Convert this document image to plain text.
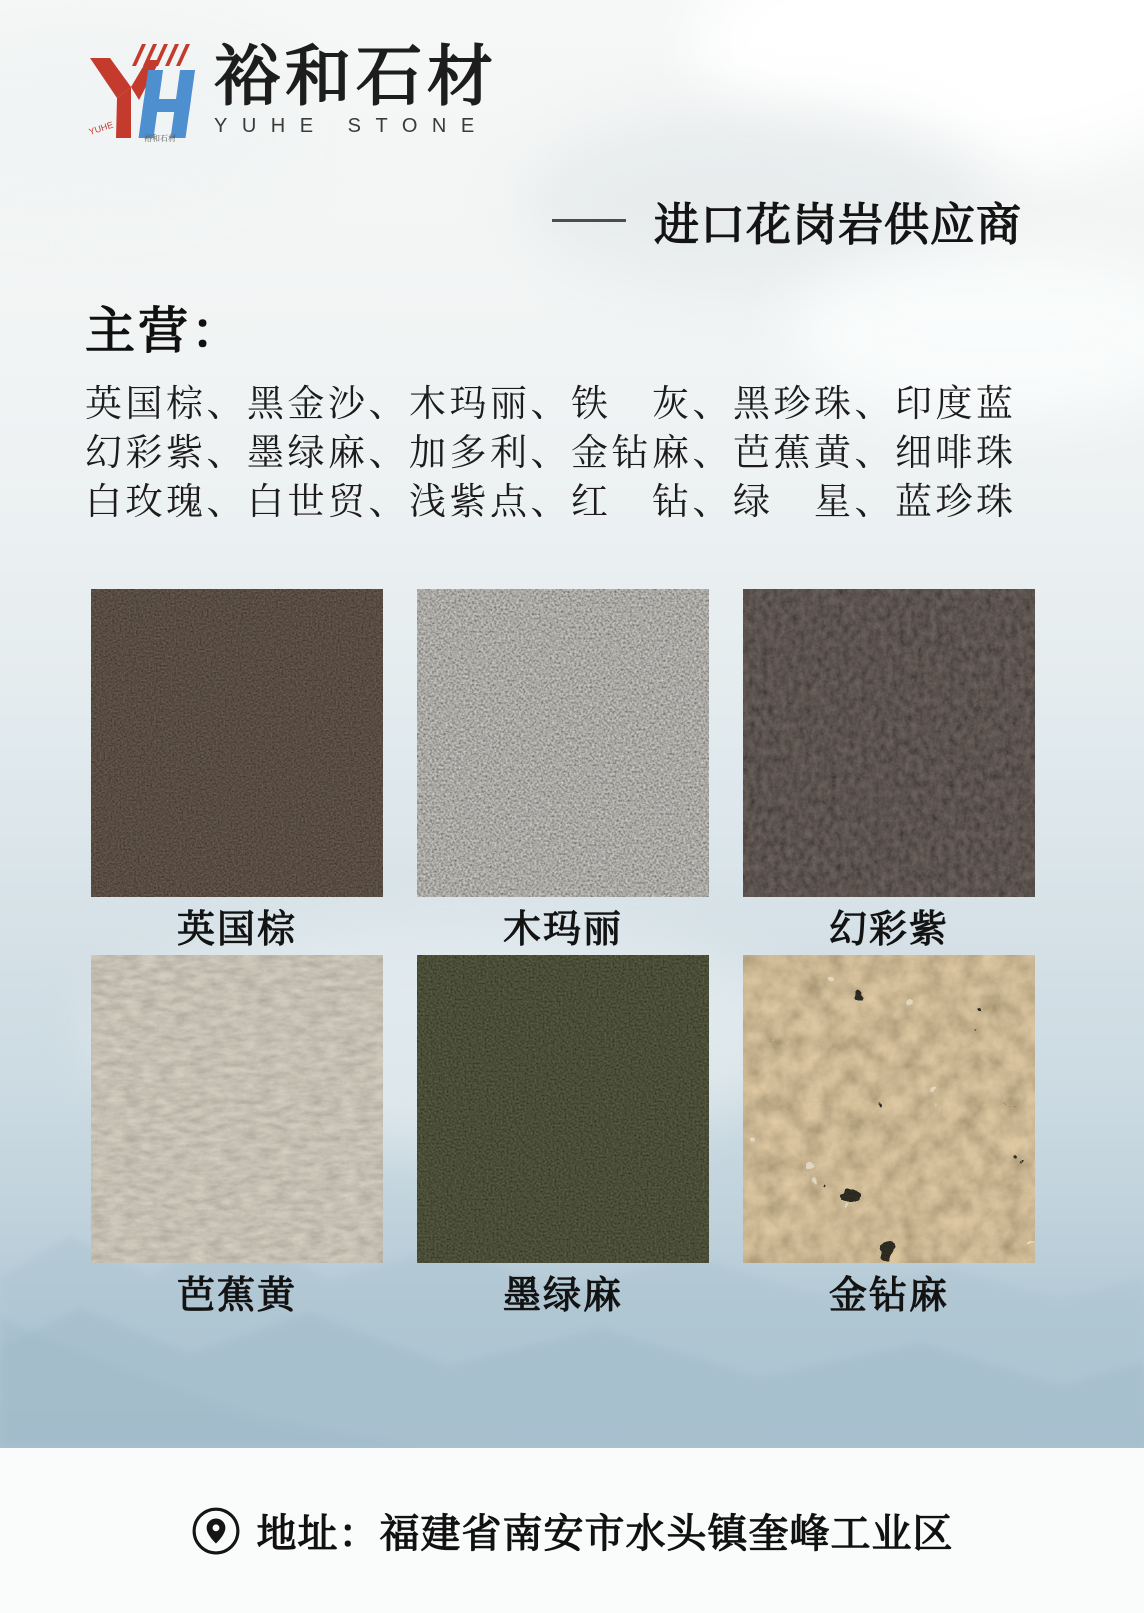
YUHE
裕和石材
裕和石材
YUHE STONE
进口花岗岩供应商
主营：

英国棕、黑金沙、木玛丽、铁　灰、黑珍珠、印度蓝

幻彩紫、墨绿麻、加多利、金钻麻、芭蕉黄、细啡珠

白玫瑰、白世贸、浅紫点、红　钻、绿　星、蓝珍珠

英国棕	木玛丽	幻彩紫
芭蕉黄	墨绿麻	金钻麻
地址：福建省南安市水头镇奎峰工业区
